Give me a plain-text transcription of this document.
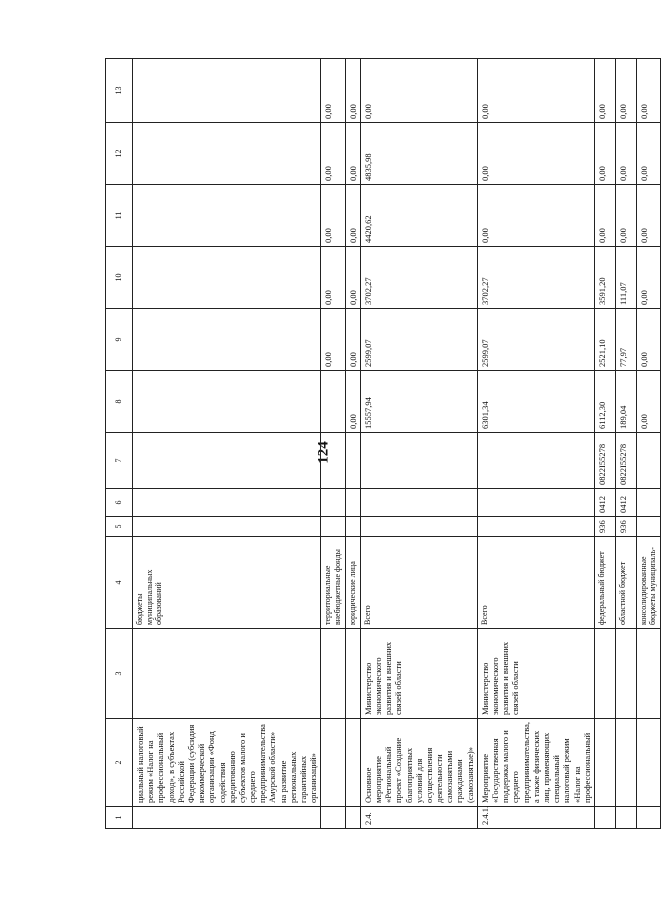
124
1	2	3	4	5	6	7	8	9	10	11	12	13
	циальный налоговый режим «Налог на профессиональный доход», в субъектах Российской Федерации (субсидия некоммерческой организации «Фонд содействия кредитованию субъектов малого и среднего предпринимательства Амурской области» на развитие региональных гарантийных организаций»		бюджеты муниципальных образований									
			территориальные внебюджетные фонды					0,00	0,00	0,00	0,00	0,00
			юридические лица				0,00	0,00	0,00	0,00	0,00	0,00
2.4.	Основное мероприятие «Региональный проект «Создание благоприятных условий для осуществления деятельности самозанятыми гражданами (самозанятые)»	Министерство экономического развития и внешних связей области	Всего				15557,94	2599,07	3702,27	4420,62	4835,98	0,00
2.4.1.	Мероприятие «Государственная поддержка малого и среднего предпринимательства, а также физических лиц, применяющих специальный налоговый режим «Налог на профессиональный	Министерство экономического развития и внешних связей области	Всего				6301,34	2599,07	3702,27	0,00	0,00	0,00
			федеральный бюджет	936	0412	0822I55278	6112,30	2521,10	3591,20	0,00	0,00	0,00
			областной бюджет	936	0412	0822I55278	189,04	77,97	111,07	0,00	0,00	0,00
			консолидированные бюджеты муниципаль-				0,00	0,00	0,00	0,00	0,00	0,00
